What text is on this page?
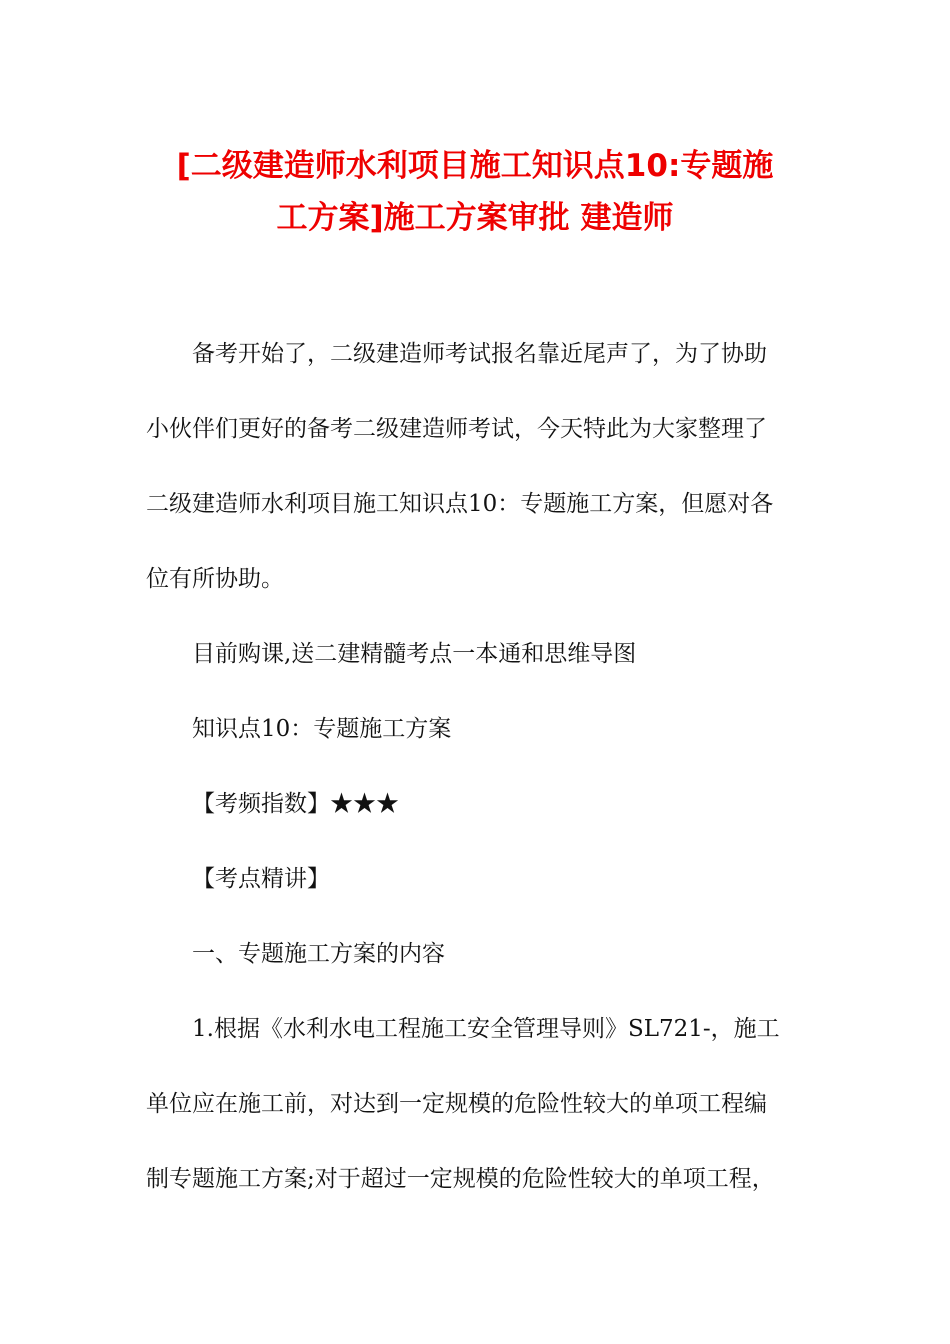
[二级建造师水利项目施工知识点10:专题施
工方案]施工方案审批 建造师
备考开始了，二级建造师考试报名靠近尾声了，为了协助
小伙伴们更好的备考二级建造师考试，今天特此为大家整理了
二级建造师水利项目施工知识点10：专题施工方案，但愿对各
位有所协助。
目前购课,送二建精髓考点一本通和思维导图
知识点10：专题施工方案
【考频指数】★★★
【考点精讲】
一、专题施工方案的内容
1.根据《水利水电工程施工安全管理导则》SL721-，施工
单位应在施工前，对达到一定规模的危险性较大的单项工程编
制专题施工方案;对于超过一定规模的危险性较大的单项工程，
